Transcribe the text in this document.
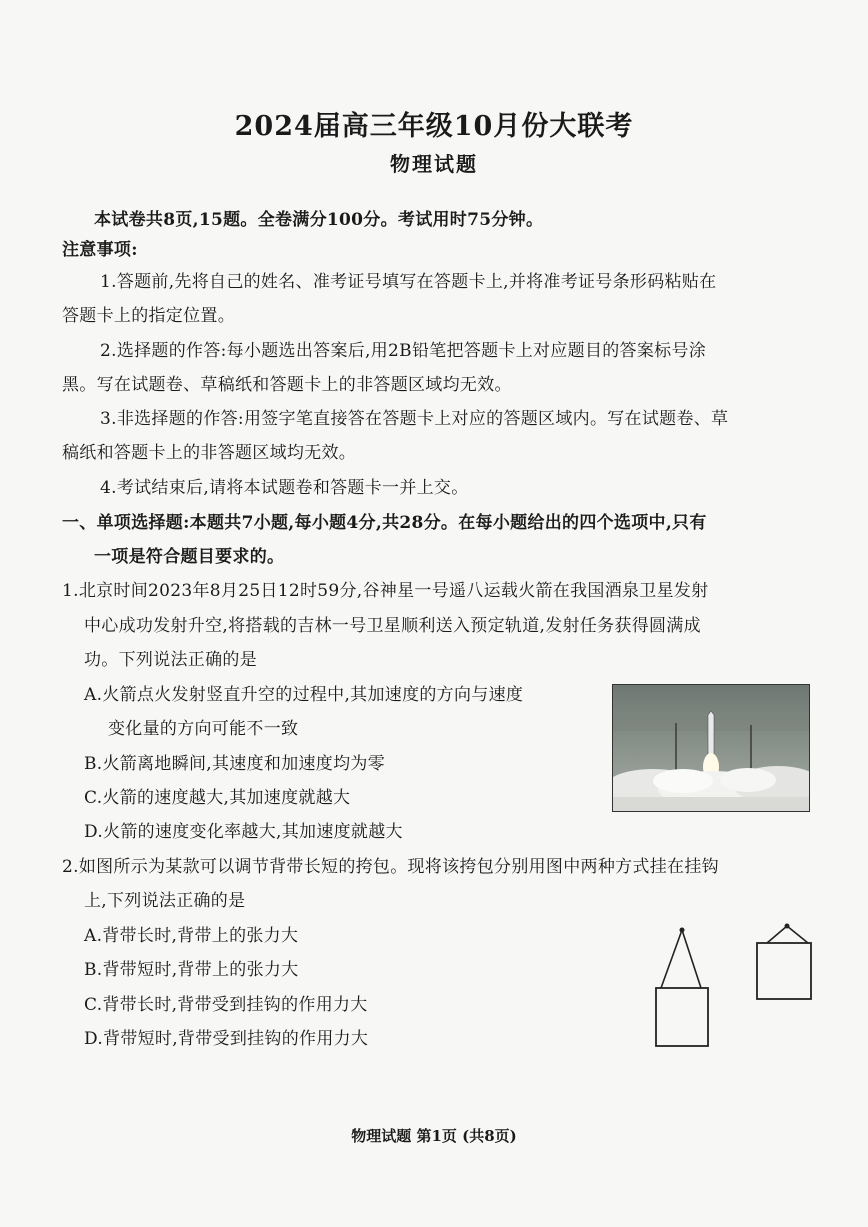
2024届高三年级10月份大联考
物理试题
本试卷共8页,15题。全卷满分100分。考试用时75分钟。
注意事项:
1.答题前,先将自己的姓名、准考证号填写在答题卡上,并将准考证号条形码粘贴在
答题卡上的指定位置。
2.选择题的作答:每小题选出答案后,用2B铅笔把答题卡上对应题目的答案标号涂
黑。写在试题卷、草稿纸和答题卡上的非答题区域均无效。
3.非选择题的作答:用签字笔直接答在答题卡上对应的答题区域内。写在试题卷、草
稿纸和答题卡上的非答题区域均无效。
4.考试结束后,请将本试题卷和答题卡一并上交。
一、单项选择题:本题共7小题,每小题4分,共28分。在每小题给出的四个选项中,只有
一项是符合题目要求的。
1.北京时间2023年8月25日12时59分,谷神星一号遥八运载火箭在我国酒泉卫星发射
中心成功发射升空,将搭载的吉林一号卫星顺利送入预定轨道,发射任务获得圆满成
功。下列说法正确的是
A.火箭点火发射竖直升空的过程中,其加速度的方向与速度
变化量的方向可能不一致
B.火箭离地瞬间,其速度和加速度均为零
C.火箭的速度越大,其加速度就越大
D.火箭的速度变化率越大,其加速度就越大
2.如图所示为某款可以调节背带长短的挎包。现将该挎包分别用图中两种方式挂在挂钩
上,下列说法正确的是
A.背带长时,背带上的张力大
B.背带短时,背带上的张力大
C.背带长时,背带受到挂钩的作用力大
D.背带短时,背带受到挂钩的作用力大
物理试题 第1页 (共8页)
